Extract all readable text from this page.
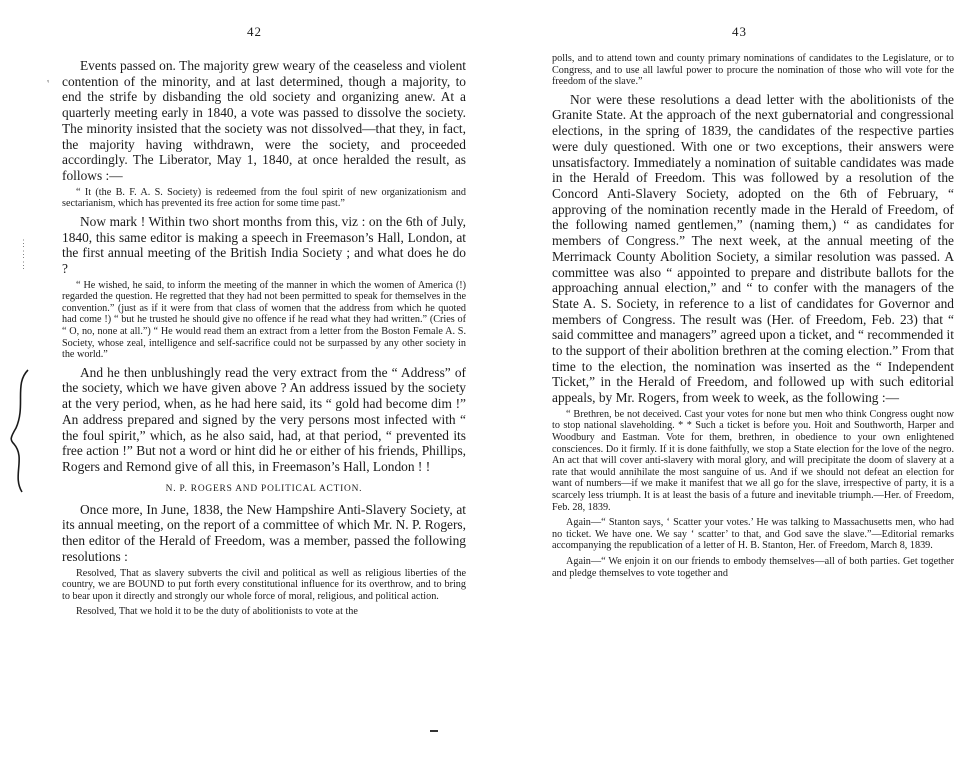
42
′
⋮
⋮
⋮

Events passed on. The majority grew weary of the ceaseless and violent contention of the minority, and at last determined, though a majority, to end the strife by disbanding the old society and organizing anew. At a quarterly meeting early in 1840, a vote was passed to dissolve the society. The minority insisted that the society was not dissolved—that they, in fact, the majority having withdrawn, were the society, and proceeded accordingly. The Liberator, May 1, 1840, at once heralded the result, as follows :—

“ It (the B. F. A. S. Society) is redeemed from the foul spirit of new organizationism and sectarianism, which has prevented its free action for some time past.”

Now mark ! Within two short months from this, viz : on the 6th of July, 1840, this same editor is making a speech in Freemason’s Hall, London, at the first annual meeting of the British India Society ; and what does he do ?

“ He wished, he said, to inform the meeting of the manner in which the women of America (!) regarded the question. He regretted that they had not been permitted to speak for themselves in the convention.” (just as if it were from that class of women that the address from which he quoted had come !) “ but he trusted he should give no offence if he read what they had written.” (Cries of “ O, no, none at all.”) “ He would read them an extract from a letter from the Boston Female A. S. Society, whose zeal, intelligence and self-sacrifice could not be surpassed by any other society in the world.”

And he then unblushingly read the very extract from the “ Address” of the society, which we have given above ? An address issued by the society at the very period, when, as he had here said, its “ gold had become dim !” An address prepared and signed by the very persons most infected with “ the foul spirit,” which, as he also said, had, at that period, “ prevented its free action !” But not a word or hint did he or either of his friends, Phillips, Rogers and Remond give of all this, in Freemason’s Hall, London ! !

N. P. ROGERS AND POLITICAL ACTION.

Once more, In June, 1838, the New Hampshire Anti-Slavery Society, at its annual meeting, on the report of a committee of which Mr. N. P. Rogers, then editor of the Herald of Freedom, was a member, passed the following resolutions :

Resolved, That as slavery subverts the civil and political as well as religious liberties of the country, we are BOUND to put forth every constitutional influence for its overthrow, and to bring to bear upon it directly and strongly our whole force of moral, religious, and political action.

Resolved, That we hold it to be the duty of abolitionists to vote at the

43

polls, and to attend town and county primary nominations of candidates to the Legislature, or to Congress, and to use all lawful power to procure the nomination of those who will vote for the freedom of the slave.”

Nor were these resolutions a dead letter with the abolitionists of the Granite State. At the approach of the next gubernatorial and congressional elections, in the spring of 1839, the candidates of the respective parties were duly questioned. With one or two exceptions, their answers were unsatisfactory. Immediately a nomination of suitable candidates was made in the Herald of Freedom. This was followed by a resolution of the Concord Anti-Slavery Society, adopted on the 6th of February, “ approving of the nomination recently made in the Herald of Freedom, of the following named gentlemen,” (naming them,) “ as candidates for members of Congress.” The next week, at the annual meeting of the Merrimack County Abolition Society, a similar resolution was passed. A committee was also “ appointed to prepare and distribute ballots for the approaching annual election,” and “ to confer with the managers of the State A. S. Society, in reference to a list of candidates for Governor and members of Congress. The result was (Her. of Freedom, Feb. 23) that “ said committee and managers” agreed upon a ticket, and “ recommended it to the support of their abolition brethren at the coming election.” From that time to the election, the nomination was inserted as the “ Independent Ticket,” in the Herald of Freedom, and followed up with such editorial appeals, by Mr. Rogers, from week to week, as the following :—

“ Brethren, be not deceived. Cast your votes for none but men who think Congress ought now to stop national slaveholding. * * Such a ticket is before you. Hoit and Southworth, Harper and Woodbury and Eastman. Vote for them, brethren, in obedience to your own enlightened consciences. Do it firmly. If it is done faithfully, we stop a State election for the love of the negro. An act that will cover anti-slavery with moral glory, and will precipitate the doom of slavery at a rate that would annihilate the most sanguine of us. And if we should not defeat an election for want of numbers—if we make it manifest that we all go for the slave, irrespective of party, it is a scarcely less triumph. It is at least the basis of a future and inevitable triumph.—Her. of Freedom, Feb. 28, 1839.

Again—“ Stanton says, ‘ Scatter your votes.’ He was talking to Massachusetts men, who had no ticket. We have one. We say ‘ scatter’ to that, and God save the slave.”—Editorial remarks accompanying the republication of a letter of H. B. Stanton, Her. of Freedom, March 8, 1839.

Again—“ We enjoin it on our friends to embody themselves—all of both parties. Get together and pledge themselves to vote together and
